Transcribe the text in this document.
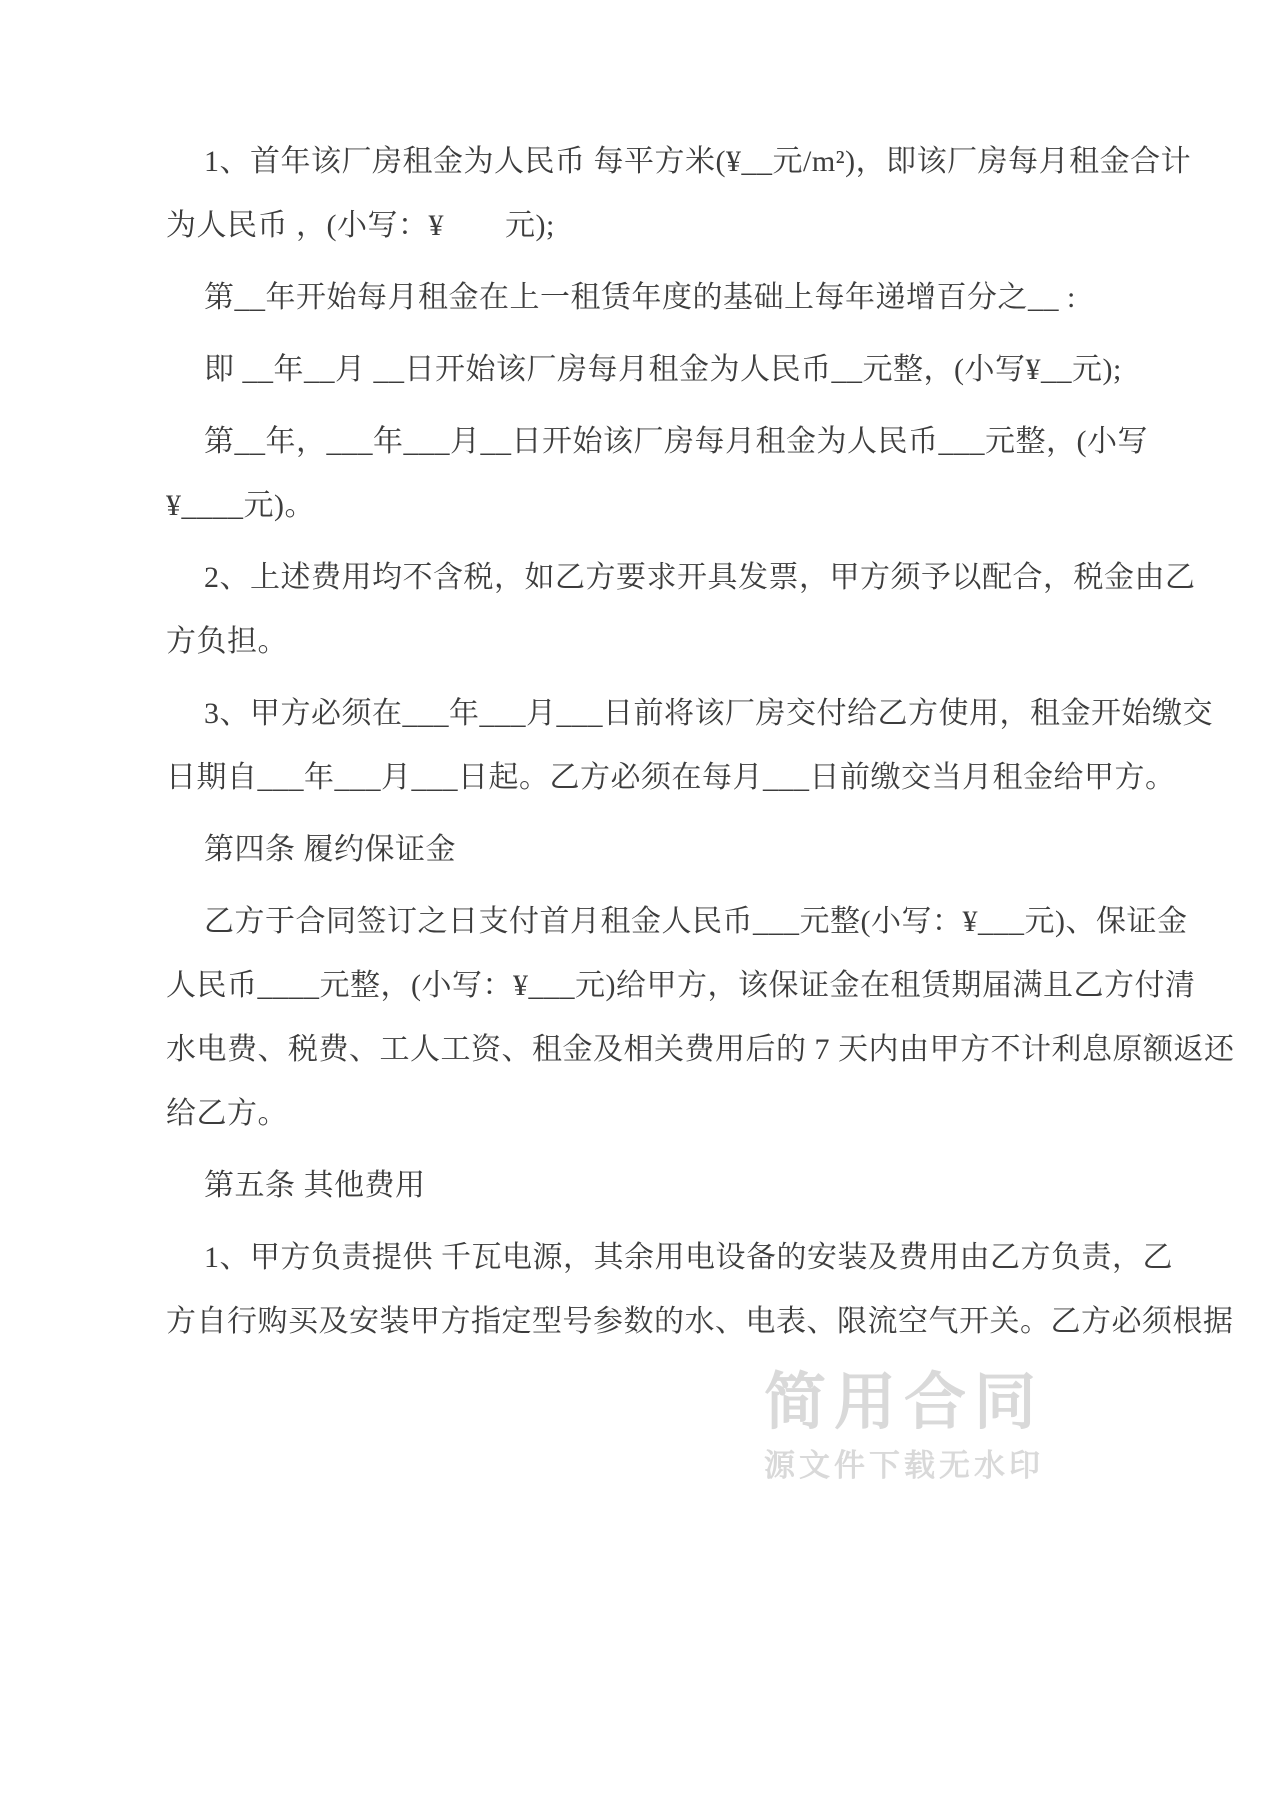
1、首年该厂房租金为人民币 每平方米(¥__元/m²)，即该厂房每月租金合计
为人民币 ，(小写：¥　　元);
第__年开始每月租金在上一租赁年度的基础上每年递增百分之__ :
即 __年__月 __日开始该厂房每月租金为人民币__元整，(小写¥__元);
第__年，___年___月__日开始该厂房每月租金为人民币___元整，(小写
¥____元)。
2、上述费用均不含税，如乙方要求开具发票，甲方须予以配合，税金由乙
方负担。
3、甲方必须在___年___月___日前将该厂房交付给乙方使用，租金开始缴交
日期自___年___月___日起。乙方必须在每月___日前缴交当月租金给甲方。
第四条 履约保证金
乙方于合同签订之日支付首月租金人民币___元整(小写：¥___元)、保证金
人民币____元整，(小写：¥___元)给甲方，该保证金在租赁期届满且乙方付清
水电费、税费、工人工资、租金及相关费用后的 7 天内由甲方不计利息原额返还
给乙方。
第五条 其他费用
1、甲方负责提供 千瓦电源，其余用电设备的安装及费用由乙方负责，乙
方自行购买及安装甲方指定型号参数的水、电表、限流空气开关。乙方必须根据
简用合同
源文件下载无水印
